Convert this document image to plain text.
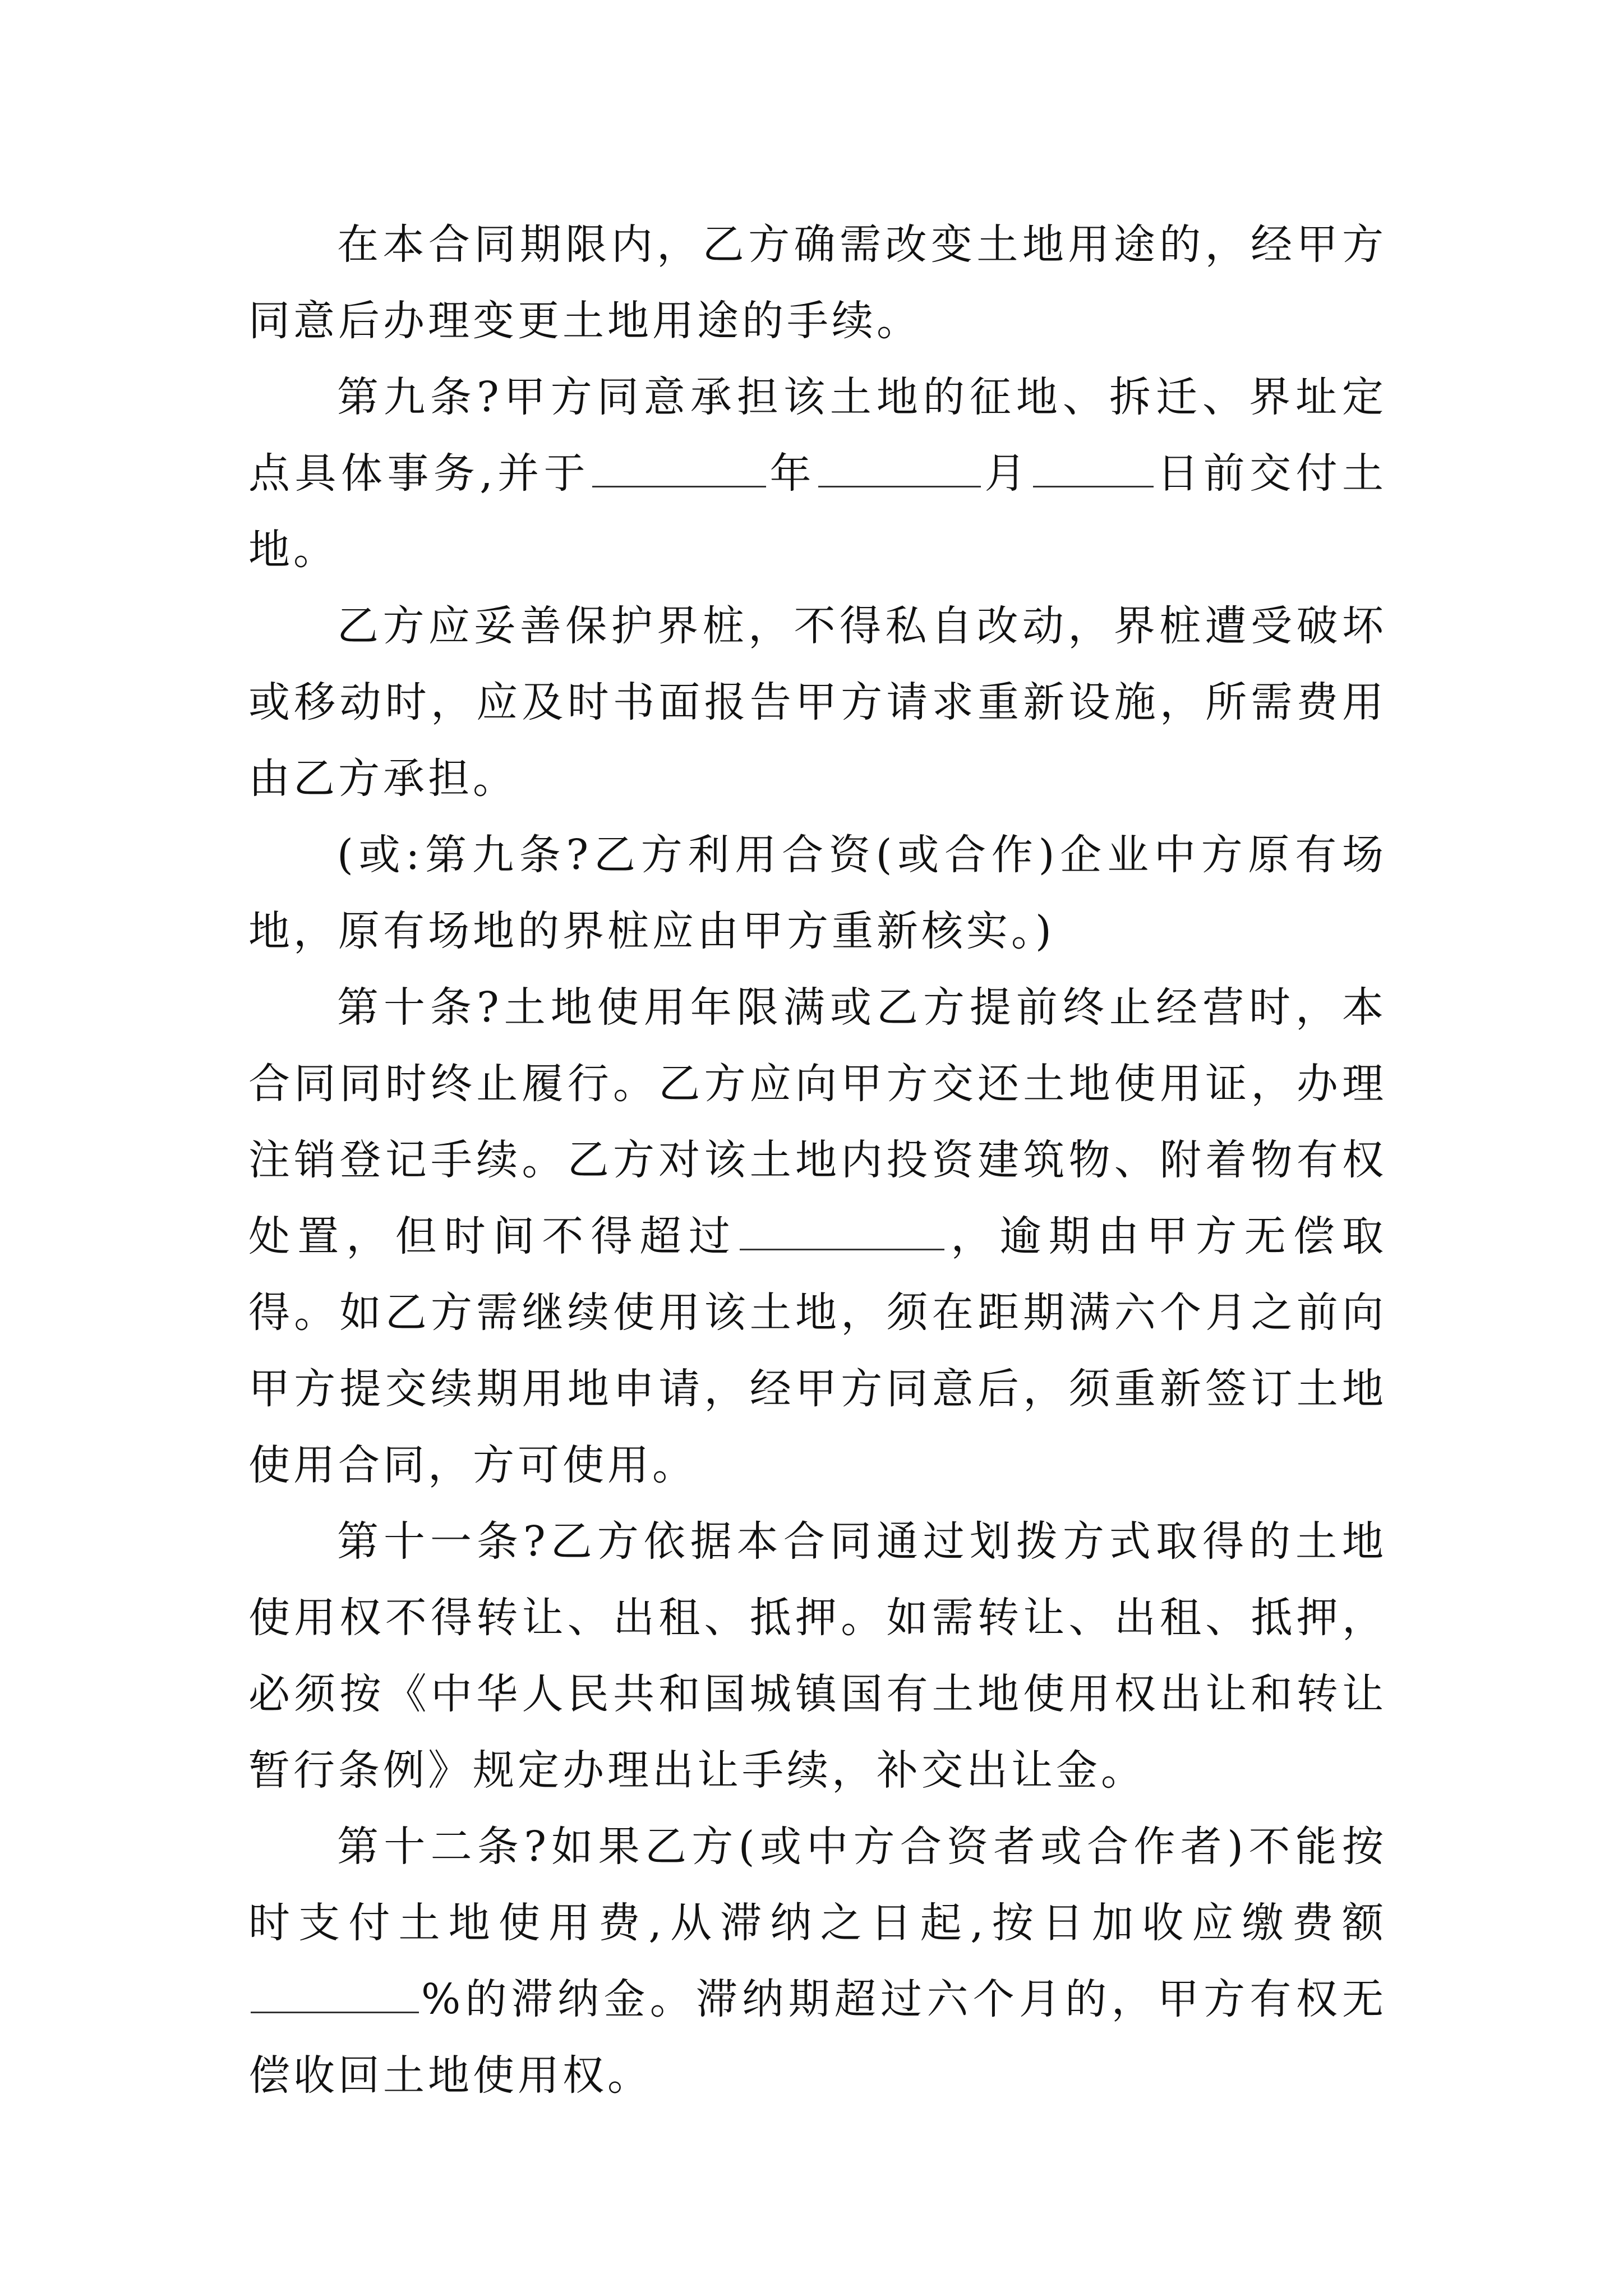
在本合同期限内，乙方确需改变土地用途的，经甲方同意后办理变更土地用途的手续。

第九条?甲方同意承担该土地的征地、拆迁、界址定点具体事务,并于	年	月	日前交付土地。

乙方应妥善保护界桩，不得私自改动，界桩遭受破坏或移动时，应及时书面报告甲方请求重新设施，所需费用由乙方承担。

(或:第九条?乙方利用合资(或合作)企业中方原有场地，原有场地的界桩应由甲方重新核实。)

第十条?土地使用年限满或乙方提前终止经营时，本合同同时终止履行。乙方应向甲方交还土地使用证，办理注销登记手续。乙方对该土地内投资建筑物、附着物有权处置，但时间不得超过	，逾期由甲方无偿取得。如乙方需继续使用该土地，须在距期满六个月之前向甲方提交续期用地申请，经甲方同意后，须重新签订土地使用合同，方可使用。

第十一条?乙方依据本合同通过划拨方式取得的土地使用权不得转让、出租、抵押。如需转让、出租、抵押，必须按《中华人民共和国城镇国有土地使用权出让和转让暂行条例》规定办理出让手续，补交出让金。

第十二条?如果乙方(或中方合资者或合作者)不能按时支付土地使用费,从滞纳之日起,按日加收应缴费额%的滞纳金。滞纳期超过六个月的，甲方有权无偿收回土地使用权。
